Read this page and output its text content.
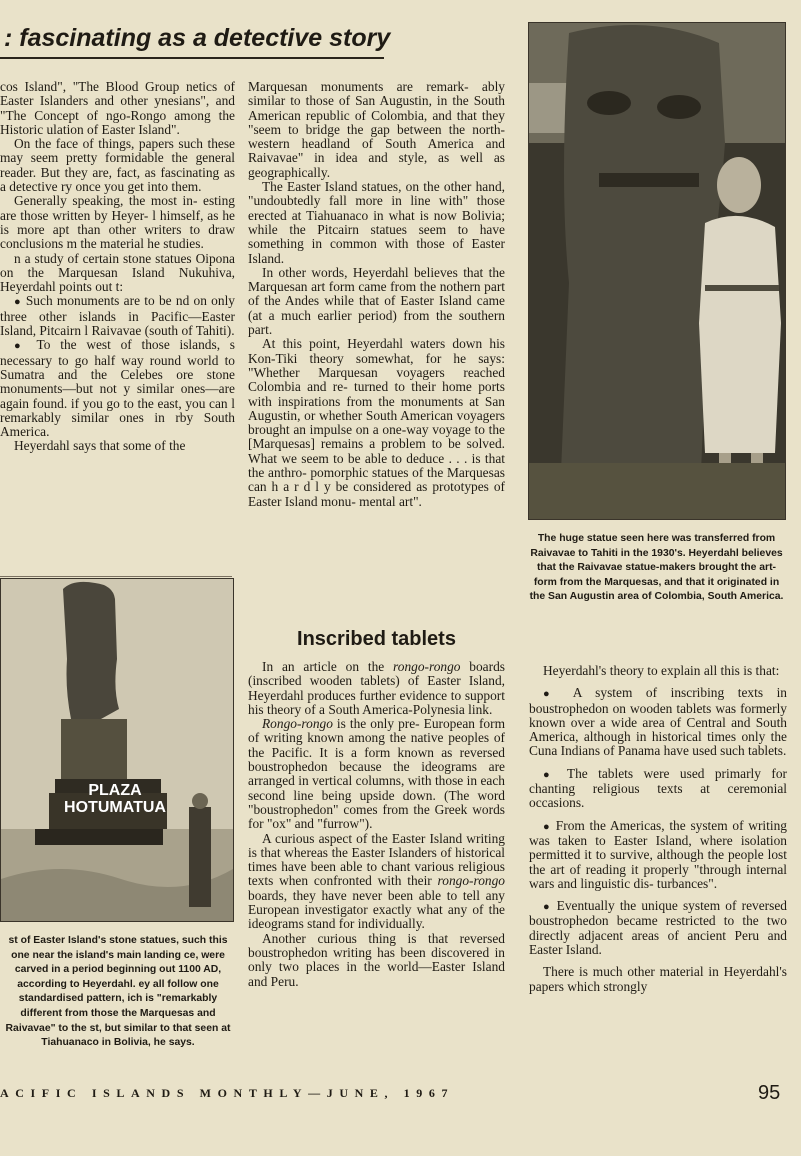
: fascinating as a detective story

cos Island", "The Blood Group netics of Easter Islanders and other ynesians", and "The Concept of ngo-Rongo among the Historic ulation of Easter Island".

On the face of things, papers such these may seem pretty formidable the general reader. But they are, fact, as fascinating as a detective ry once you get into them.

Generally speaking, the most in- esting are those written by Heyer- l himself, as he is more apt than other writers to draw conclusions m the material he studies.

n a study of certain stone statues Oipona on the Marquesan Island Nukuhiva, Heyerdahl points out t:

● Such monuments are to be nd on only three other islands in Pacific—Easter Island, Pitcairn l Raivavae (south of Tahiti).

● To the west of those islands, s necessary to go half way round world to Sumatra and the Celebes ore stone monuments—but not y similar ones—are again found. if you go to the east, you can l remarkably similar ones in rby South America.

Heyerdahl says that some of the

PLAZA
HOTUMATUA

st of Easter Island's stone statues, such this one near the island's main landing ce, were carved in a period beginning out 1100 AD, according to Heyerdahl. ey all follow one standardised pattern, ich is "remarkably different from those the Marquesas and Raivavae" to the st, but similar to that seen at Tiahuanaco in Bolivia, he says.

Marquesan monuments are remark- ably similar to those of San Augustin, in the South American republic of Colombia, and that they "seem to bridge the gap between the north- western headland of South America and Raivavae" in idea and style, as well as geographically.

The Easter Island statues, on the other hand, "undoubtedly fall more in line with" those erected at Tiahuanaco in what is now Bolivia; while the Pitcairn statues seem to have something in common with those of Easter Island.

In other words, Heyerdahl believes that the Marquesan art form came from the nothern part of the Andes while that of Easter Island came (at a much earlier period) from the southern part.

At this point, Heyerdahl waters down his Kon-Tiki theory somewhat, for he says: "Whether Marquesan voyagers reached Colombia and re- turned to their home ports with inspirations from the monuments at San Augustin, or whether South American voyagers brought an impulse on a one-way voyage to the [Marquesas] remains a problem to be solved. What we seem to be able to deduce . . . is that the anthro- pomorphic statues of the Marquesas can h a r d l y be considered as prototypes of Easter Island monu- mental art".

Inscribed tablets

In an article on the rongo-rongo boards (inscribed wooden tablets) of Easter Island, Heyerdahl produces further evidence to support his theory of a South America-Polynesia link.

Rongo-rongo is the only pre- European form of writing known among the native peoples of the Pacific. It is a form known as reversed boustrophedon because the ideograms are arranged in vertical columns, with those in each second line being upside down. (The word "boustrophedon" comes from the Greek words for "ox" and "furrow").

A curious aspect of the Easter Island writing is that whereas the Easter Islanders of historical times have been able to chant various religious texts when confronted with their rongo-rongo boards, they have never been able to tell any European investigator exactly what any of the ideograms stand for individually.

Another curious thing is that reversed boustrophedon writing has been discovered in only two places in the world—Easter Island and Peru.

The huge statue seen here was transferred from Raivavae to Tahiti in the 1930's. Heyerdahl believes that the Raivavae statue-makers brought the art-form from the Marquesas, and that it originated in the San Augustin area of Colombia, South America.

Heyerdahl's theory to explain all this is that:

● A system of inscribing texts in boustrophedon on wooden tablets was formerly known over a wide area of Central and South America, although in historical times only the Cuna Indians of Panama have used such tablets.

● The tablets were used primarly for chanting religious texts at ceremonial occasions.

● From the Americas, the system of writing was taken to Easter Island, where isolation permitted it to survive, although the people lost the art of reading it properly "through internal wars and linguistic dis- turbances".

● Eventually the unique system of reversed boustrophedon became restricted to the two directly adjacent areas of ancient Peru and Easter Island.

There is much other material in Heyerdahl's papers which strongly

ACIFIC ISLANDS MONTHLY—JUNE, 1967	95
